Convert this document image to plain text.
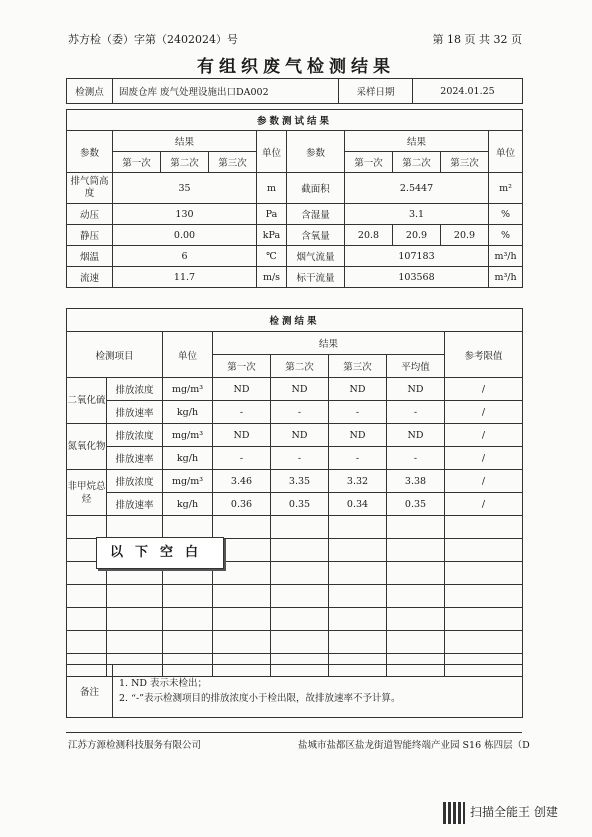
苏方检（委）字第（2402024）号	第 18 页 共 32 页
有组织废气检测结果
检测点	固废仓库 废气处理设施出口DA002	采样日期	2024.01.25
参数测试结果									
参数	结果			单位	参数	结果			单位
	第一次	第二次	第三次			第一次	第二次	第三次	
排气筒高度	35			m	截面积	2.5447			m²
动压	130			Pa	含湿量	3.1			%
静压	0.00			kPa	含氧量	20.8	20.9	20.9	%
烟温	6			℃	烟气流量	107183			m³/h
流速	11.7			m/s	标干流量	103568			m³/h
检测结果							
检测项目		单位	结果				参考限值
			第一次	第二次	第三次	平均值	
二氧化硫	排放浓度	mg/m³	ND	ND	ND	ND	/
	排放速率	kg/h	-	-	-	-	/
氮氧化物	排放浓度	mg/m³	ND	ND	ND	ND	/
	排放速率	kg/h	-	-	-	-	/
非甲烷总烃	排放浓度	mg/m³	3.46	3.35	3.32	3.38	/
	排放速率	kg/h	0.36	0.35	0.34	0.35	/

以下空白
备注	
1. ND 表示未检出；
2. “-”表示检测项目的排放浓度小于检出限，故排放速率不予计算。
江苏方源检测科技服务有限公司	盐城市盐都区盐龙街道智能终端产业园 S16 栋四层（D
扫描全能王 创建
